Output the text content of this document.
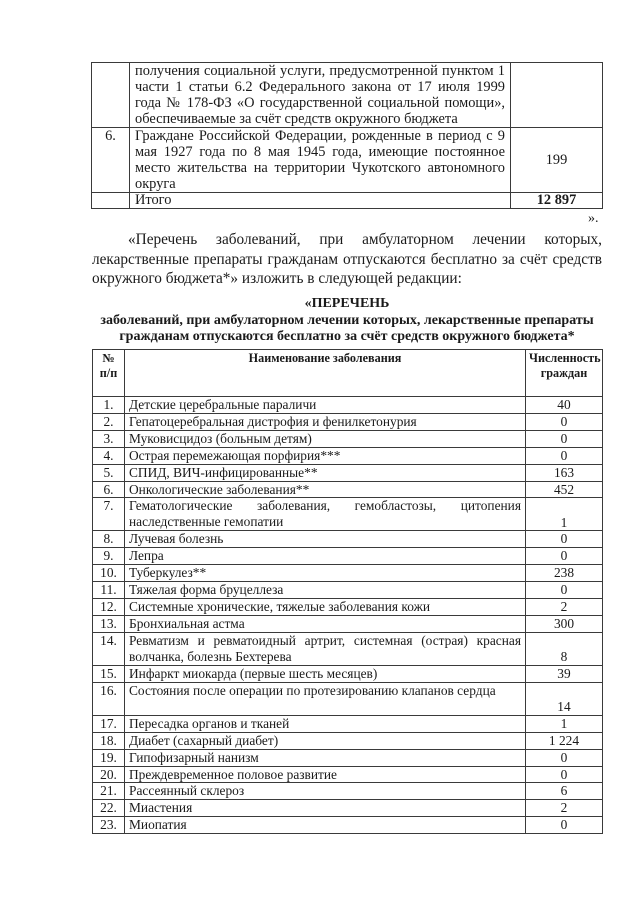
	получения социальной услуги, предусмотренной пунктом 1 части 1 статьи 6.2 Федерального закона от 17 июля 1999 года № 178-ФЗ «О государственной социальной помощи», обеспечиваемые за счёт средств окружного бюджета	
6.	Граждане Российской Федерации, рожденные в период с 9 мая 1927 года по 8 мая 1945 года, имеющие постоянное место жительства на территории Чукотского автономного округа	199
	Итого	12 897
».
«Перечень заболеваний, при амбулаторном лечении которых, лекарственные препараты гражданам отпускаются бесплатно за счёт средств окружного бюджета*» изложить в следующей редакции:
«ПЕРЕЧЕНЬ
заболеваний, при амбулаторном лечении которых, лекарственные препараты
гражданам отпускаются бесплатно за счёт средств окружного бюджета*
№ п/п	Наименование заболевания	Численность граждан
1.	Детские церебральные параличи	40
2.	Гепатоцеребральная дистрофия и фенилкетонурия	0
3.	Муковисцидоз (больным детям)	0
4.	Острая перемежающая порфирия***	0
5.	СПИД, ВИЧ-инфицированные**	163
6.	Онкологические заболевания**	452
7.	Гематологические заболевания, гемобластозы, цитопения наследственные гемопатии	1
8.	Лучевая болезнь	0
9.	Лепра	0
10.	Туберкулез**	238
11.	Тяжелая форма бруцеллеза	0
12.	Системные хронические, тяжелые заболевания кожи	2
13.	Бронхиальная астма	300
14.	Ревматизм и ревматоидный артрит, системная (острая) красная волчанка, болезнь Бехтерева	8
15.	Инфаркт миокарда (первые шесть месяцев)	39
16.	Состояния после операции по протезированию клапанов сердца	14
17.	Пересадка органов и тканей	1
18.	Диабет (сахарный диабет)	1 224
19.	Гипофизарный нанизм	0
20.	Преждевременное половое развитие	0
21.	Рассеянный склероз	6
22.	Миастения	2
23.	Миопатия	0
